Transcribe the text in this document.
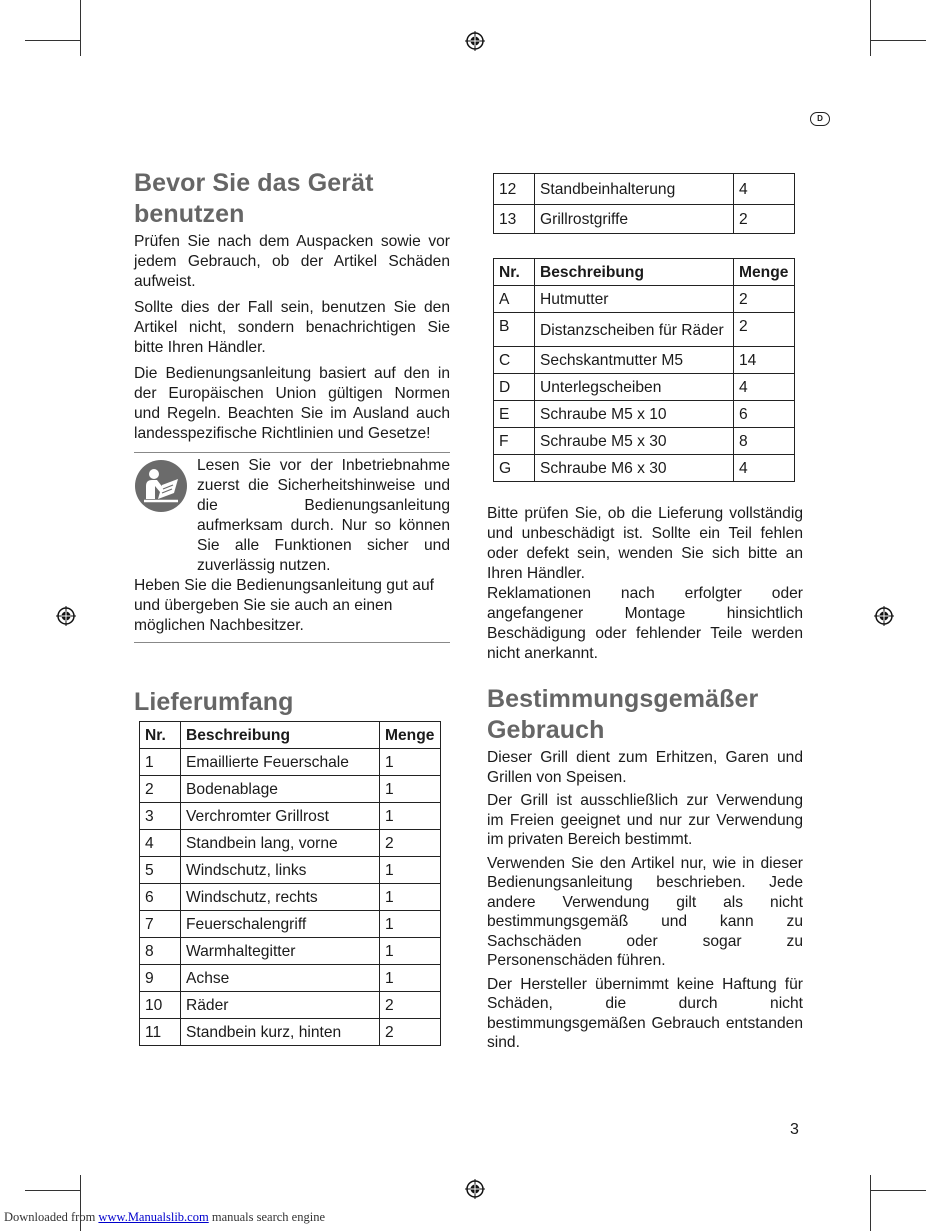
D
Bevor Sie das Gerät benutzen

Prüfen Sie nach dem Auspacken sowie vor jedem Gebrauch, ob der Artikel Schäden aufweist.

Sollte dies der Fall sein, benutzen Sie den Artikel nicht, sondern benachrichtigen Sie bitte Ihren Händler.

Die Bedienungsanleitung basiert auf den in der Europäischen Union gültigen Normen und Regeln. Beachten Sie im Ausland auch landesspezifische Richtlinien und Gesetze!

Lesen Sie vor der Inbetriebnahme zuerst die Sicherheitshinweise und die Bedienungsanleitung aufmerksam durch. Nur so können Sie alle Funktionen sicher und zuverlässig nutzen.

Heben Sie die Bedienungsanleitung gut auf und übergeben Sie sie auch an einen möglichen Nachbesitzer.

Lieferumfang
Nr.	Beschreibung	Menge
1	Emaillierte Feuerschale	1
2	Bodenablage	1
3	Verchromter Grillrost	1
4	Standbein lang, vorne	2
5	Windschutz, links	1
6	Windschutz, rechts	1
7	Feuerschalengriff	1
8	Warmhaltegitter	1
9	Achse	1
10	Räder	2
11	Standbein kurz, hinten	2
12	Standbeinhalterung	4
13	Grillrostgriffe	2
Nr.	Beschreibung	Menge
A	Hutmutter	2
B	Distanzscheiben für Räder	2
C	Sechskantmutter M5	14
D	Unterlegscheiben	4
E	Schraube M5 x 10	6
F	Schraube M5 x 30	8
G	Schraube M6 x 30	4

Bitte prüfen Sie, ob die Lieferung vollständig und unbeschädigt ist. Sollte ein Teil fehlen oder defekt sein, wenden Sie sich bitte an Ihren Händler.

Reklamationen nach erfolgter oder angefangener Montage hinsichtlich Beschädigung oder fehlender Teile werden nicht anerkannt.

Bestimmungsgemäßer Gebrauch

Dieser Grill dient zum Erhitzen, Garen und Grillen von Speisen.

Der Grill ist ausschließlich zur Verwendung im Freien geeignet und nur zur Verwendung im privaten Bereich bestimmt.

Verwenden Sie den Artikel nur, wie in dieser Bedienungsanleitung beschrieben. Jede andere Verwendung gilt als nicht bestimmungsgemäß und kann zu Sachschäden oder sogar zu Personenschäden führen.

Der Hersteller übernimmt keine Haftung für Schäden, die durch nicht bestimmungsgemäßen Gebrauch entstanden sind.

3
Downloaded from www.Manualslib.com manuals search engine
